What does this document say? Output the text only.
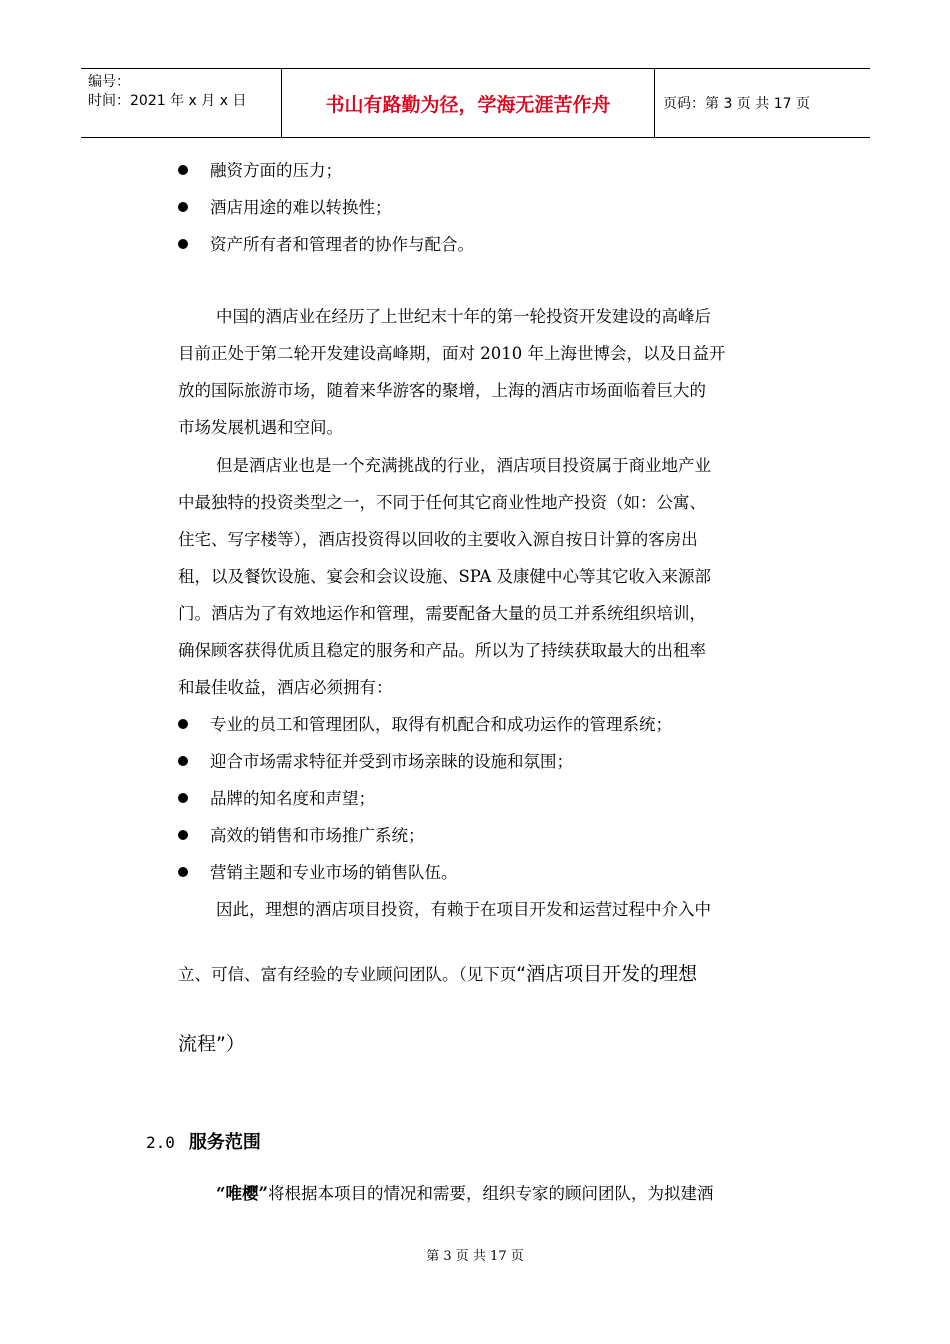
编号：
时间：2021 年 x 月 x 日	书山有路勤为径，学海无涯苦作舟	页码：第 3 页 共 17 页
融资方面的压力；
酒店用途的难以转换性；
资产所有者和管理者的协作与配合。
中国的酒店业在经历了上世纪末十年的第一轮投资开发建设的高峰后
目前正处于第二轮开发建设高峰期，面对 2010 年上海世博会，以及日益开
放的国际旅游市场，随着来华游客的聚增，上海的酒店市场面临着巨大的
市场发展机遇和空间。
但是酒店业也是一个充满挑战的行业，酒店项目投资属于商业地产业
中最独特的投资类型之一，不同于任何其它商业性地产投资（如：公寓、
住宅、写字楼等），酒店投资得以回收的主要收入源自按日计算的客房出
租，以及餐饮设施、宴会和会议设施、SPA 及康健中心等其它收入来源部
门。酒店为了有效地运作和管理，需要配备大量的员工并系统组织培训，
确保顾客获得优质且稳定的服务和产品。所以为了持续获取最大的出租率
和最佳收益，酒店必须拥有：
专业的员工和管理团队，取得有机配合和成功运作的管理系统；
迎合市场需求特征并受到市场亲睐的设施和氛围；
品牌的知名度和声望；
高效的销售和市场推广系统；
营销主题和专业市场的销售队伍。
因此，理想的酒店项目投资，有赖于在项目开发和运营过程中介入中
立、可信、富有经验的专业顾问团队。（见下页“酒店项目开发的理想
流程”）
2.0 服务范围
“唯樱”将根据本项目的情况和需要，组织专家的顾问团队，为拟建酒
第 3 页 共 17 页
